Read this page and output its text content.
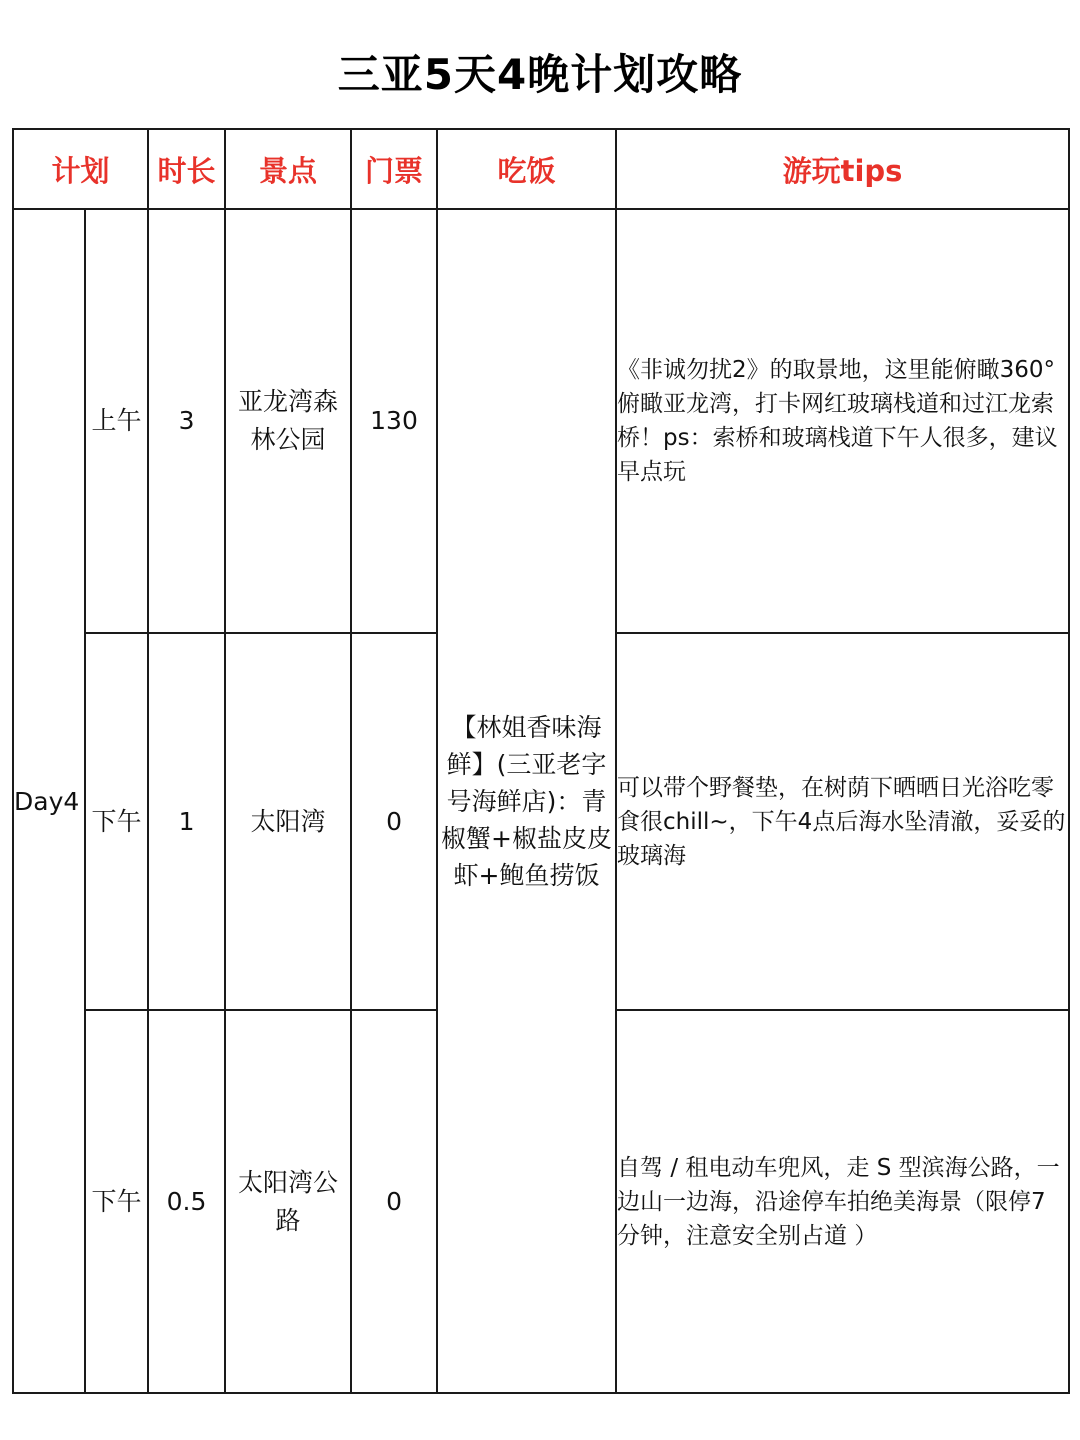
三亚5天4晚计划攻略
计划		时长	景点	门票	吃饭	游玩tips
Day4	上午	3	亚龙湾森林公园	130	【林姐香味海鲜】(三亚老字号海鲜店)：青椒蟹+椒盐皮皮虾+鲍鱼捞饭	《非诚勿扰2》的取景地，这里能俯瞰360°俯瞰亚龙湾，打卡网红玻璃栈道和过江龙索桥！ps：索桥和玻璃栈道下午人很多，建议早点玩
	下午	1	太阳湾	0		可以带个野餐垫，在树荫下晒晒日光浴吃零食很chill~，下午4点后海水坠清澈，妥妥的玻璃海
	下午	0.5	太阳湾公路	0		自驾 / 租电动车兜风，走 S 型滨海公路，一边山一边海，沿途停车拍绝美海景（限停7分钟，注意安全别占道 ）
